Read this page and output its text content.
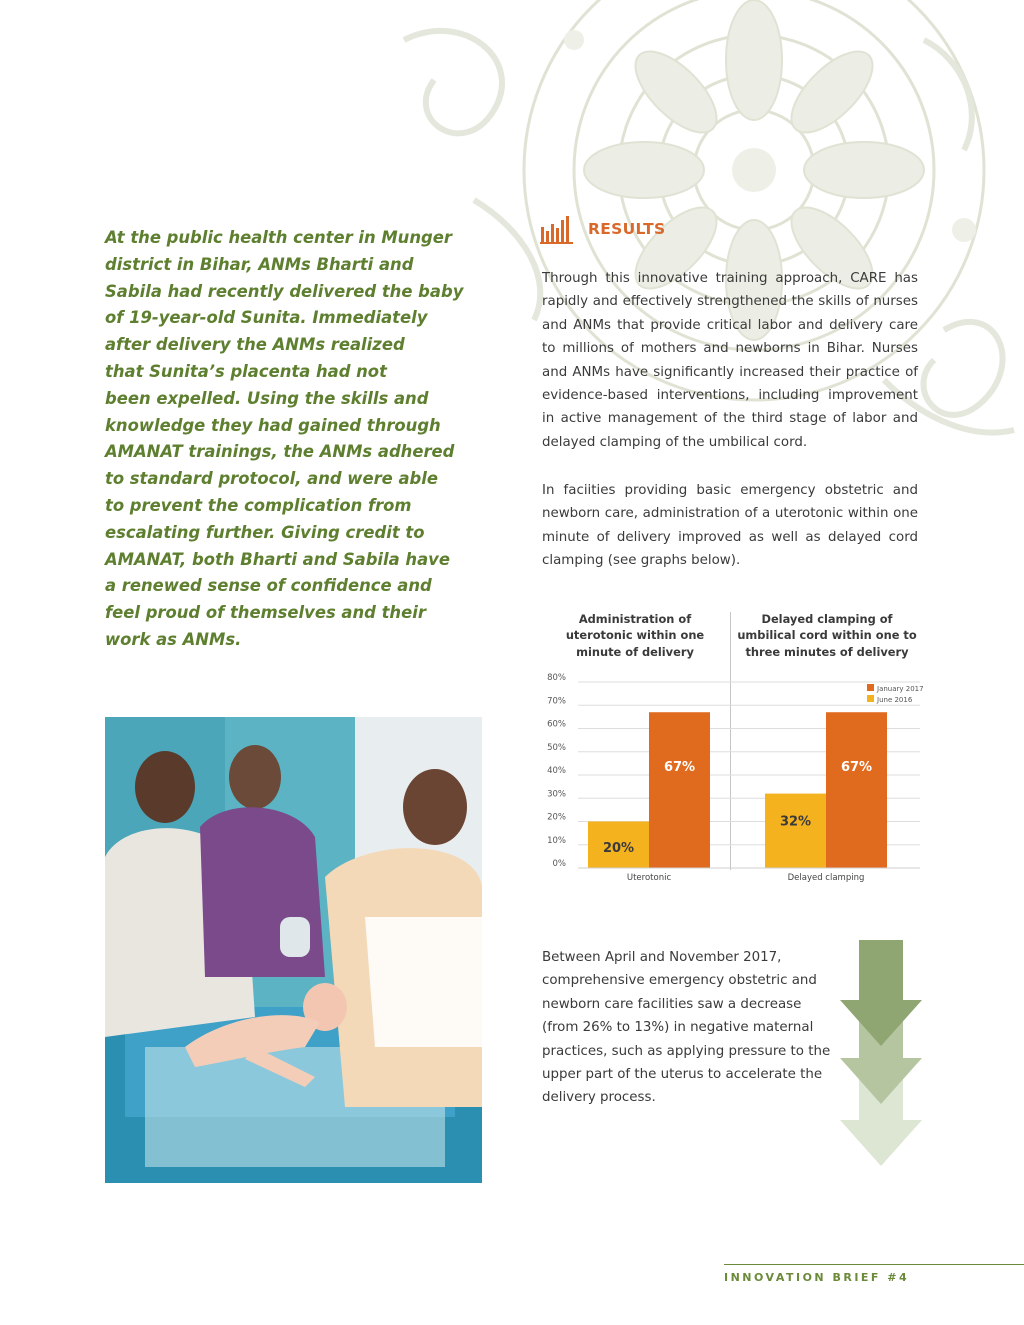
At the public health center in Munger
district in Bihar, ANMs Bharti and
Sabila had recently delivered the baby
of 19-year-old Sunita. Immediately
after delivery the ANMs realized
that Sunita’s placenta had not
been expelled. Using the skills and
knowledge they had gained through
AMANAT trainings, the ANMs adhered
to standard protocol, and were able
to prevent the complication from
escalating further. Giving credit to
AMANAT, both Bharti and Sabila have
a renewed sense of confidence and
feel proud of themselves and their
work as ANMs.
RESULTS
Through this innovative training approach, CARE has rapidly and effectively strengthened the skills of nurses and ANMs that provide critical labor and delivery care to millions of mothers and newborns in Bihar. Nurses and ANMs have significantly increased their practice of evidence-based interventions, including improvement in active management of the third stage of labor and delayed clamping of the umbilical cord.
In faciities providing basic emergency obstetric and newborn care, administration of a uterotonic within one minute of delivery improved as well as delayed cord clamping (see graphs below).
Administration of uterotonic within one minute of delivery
Delayed clamping of umbilical cord within one to three minutes of delivery
0%
10%
20%
30%
40%
50%
60%
70%
80%
20%
67%
Uterotonic
32%
67%
Delayed clamping
January 2017
June 2016
Between April and November 2017, comprehensive emergency obstetric and newborn care facilities saw a decrease (from 26% to 13%) in negative maternal practices, such as applying pressure to the upper part of the uterus to accelerate the delivery process.
INNOVATION BRIEF #4
